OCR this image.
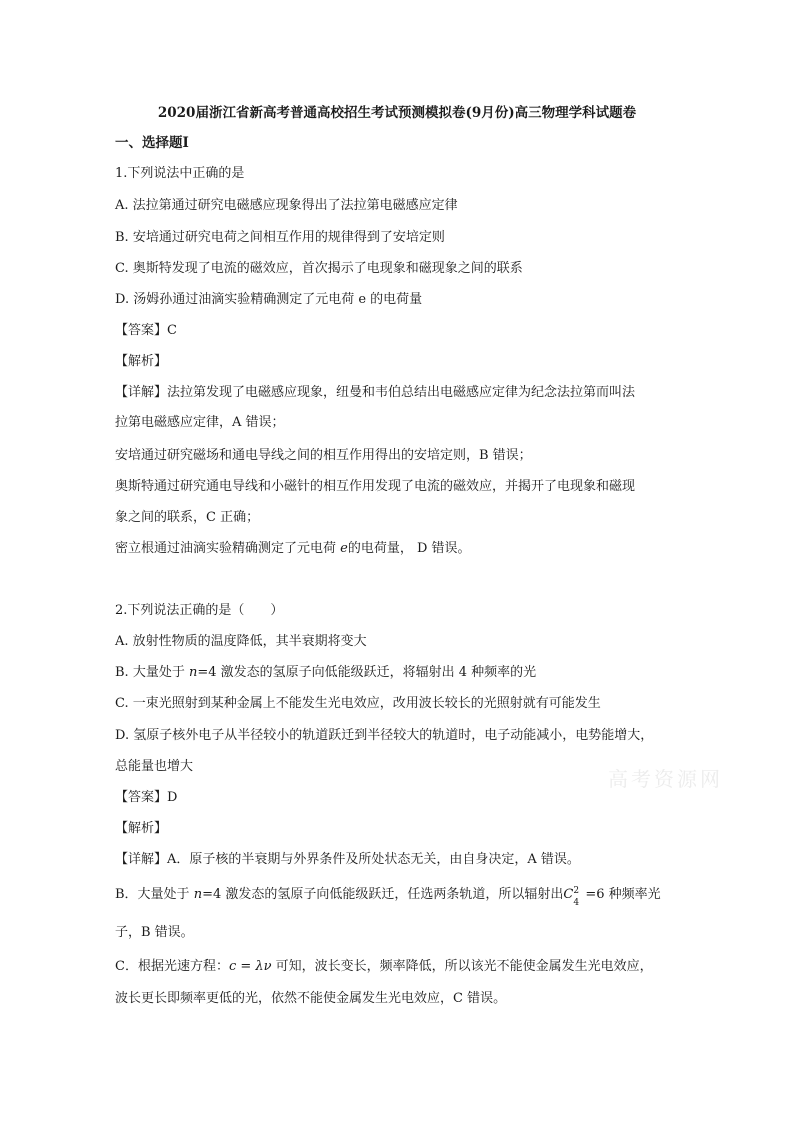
2020届浙江省新高考普通高校招生考试预测模拟卷(9月份)高三物理学科试题卷
一、选择题Ⅰ
1.下列说法中正确的是
A. 法拉第通过研究电磁感应现象得出了法拉第电磁感应定律
B. 安培通过研究电荷之间相互作用的规律得到了安培定则
C. 奥斯特发现了电流的磁效应，首次揭示了电现象和磁现象之间的联系
D. 汤姆孙通过油滴实验精确测定了元电荷 e 的电荷量
【答案】C
【解析】
【详解】法拉第发现了电磁感应现象，纽曼和韦伯总结出电磁感应定律为纪念法拉第而叫法
拉第电磁感应定律，A 错误；
安培通过研究磁场和通电导线之间的相互作用得出的安培定则，B 错误；
奥斯特通过研究通电导线和小磁针的相互作用发现了电流的磁效应，并揭开了电现象和磁现
象之间的联系，C 正确；
密立根通过油滴实验精确测定了元电荷 e的电荷量， D 错误。
2.下列说法正确的是（　　）
A. 放射性物质的温度降低，其半衰期将变大
B. 大量处于 n=4 激发态的氢原子向低能级跃迁，将辐射出 4 种频率的光
C. 一束光照射到某种金属上不能发生光电效应，改用波长较长的光照射就有可能发生
D. 氢原子核外电子从半径较小的轨道跃迁到半径较大的轨道时，电子动能减小，电势能增大，
总能量也增大
【答案】D
【解析】
【详解】A．原子核的半衰期与外界条件及所处状态无关，由自身决定，A 错误。
B．大量处于 n=4 激发态的氢原子向低能级跃迁，任选两条轨道，所以辐射出 C 2
4
=6 种频率光
子，B 错误。
C．根据光速方程：c = λν 可知，波长变长，频率降低，所以该光不能使金属发生光电效应，
波长更长即频率更低的光，依然不能使金属发生光电效应，C 错误。
高考资源网
